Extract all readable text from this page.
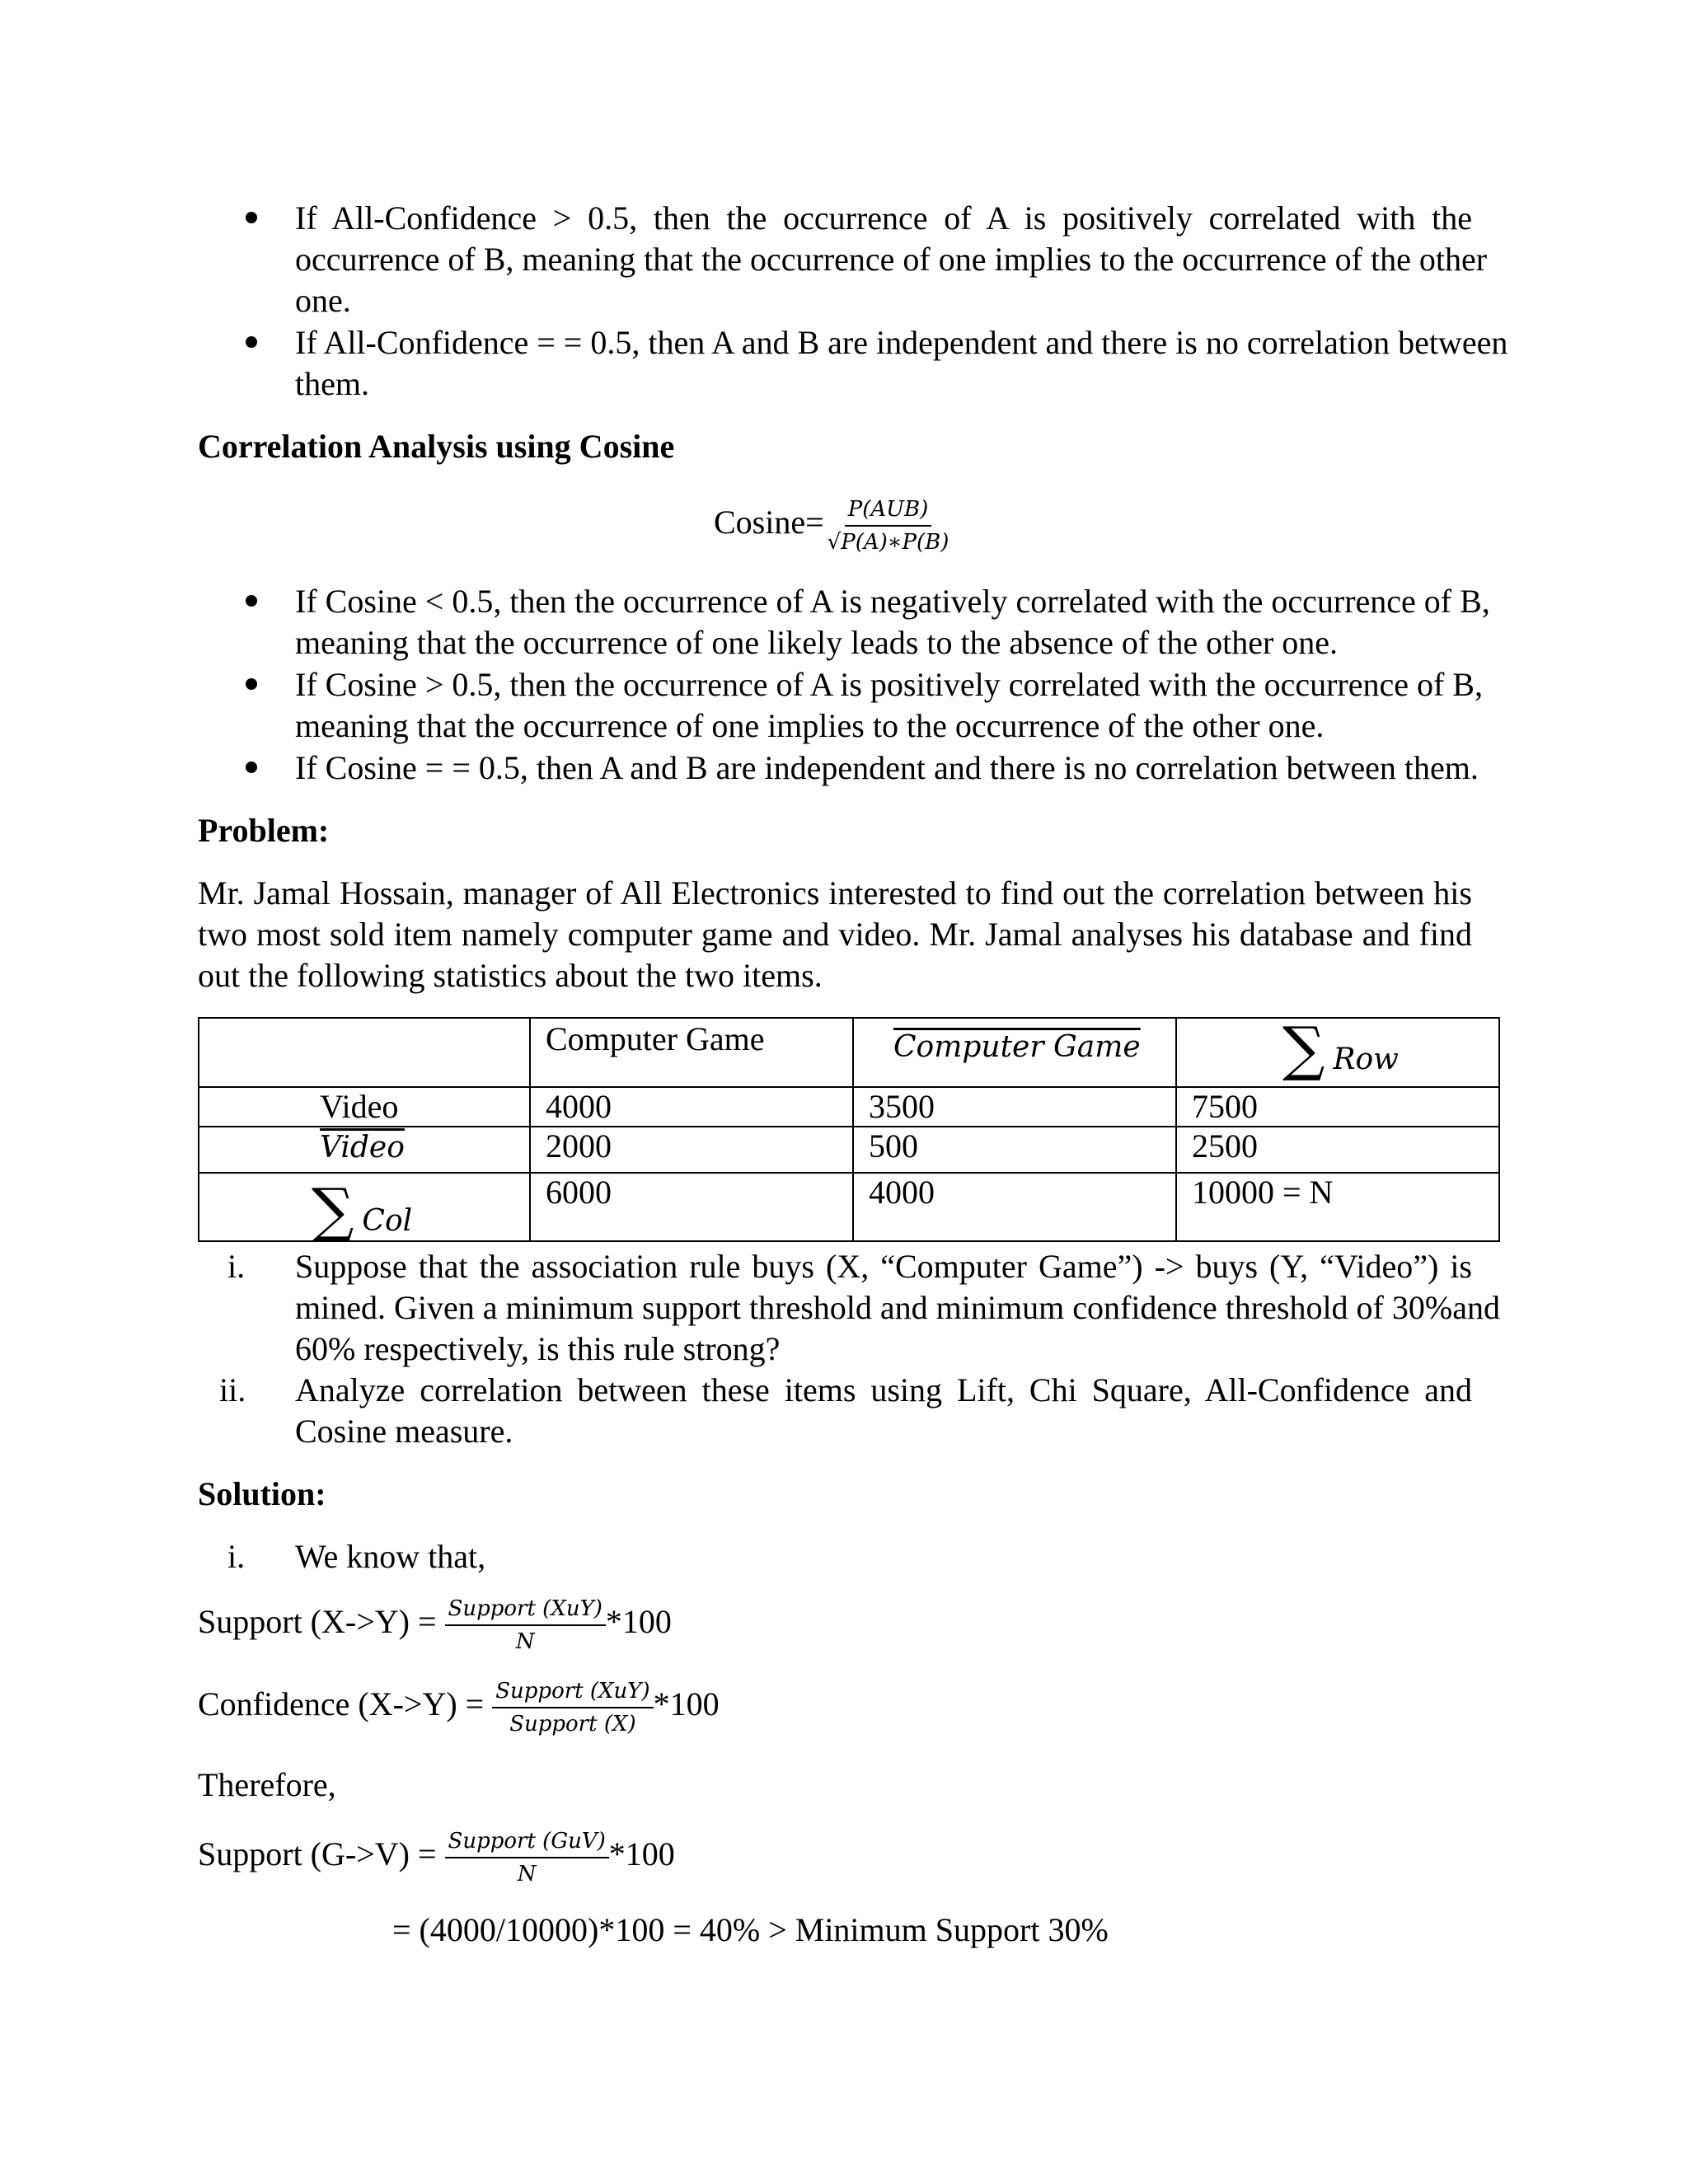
If All-Confidence > 0.5, then the occurrence of A is positively correlated with the
occurrence of B, meaning that the occurrence of one implies to the occurrence of the other
one.
If All-Confidence = = 0.5, then A and B are independent and there is no correlation between
them.
Correlation Analysis using Cosine
$Cosine= \frac{\text{P(AUB)}}{√P(A)∗P(B)}$
If Cosine < 0.5, then the occurrence of A is negatively correlated with the occurrence of B,
meaning that the occurrence of one likely leads to the absence of the other one.
If Cosine > 0.5, then the occurrence of A is positively correlated with the occurrence of B,
meaning that the occurrence of one implies to the occurrence of the other one.
If Cosine = = 0.5, then A and B are independent and there is no correlation between them.
Problem:
Mr. Jamal Hossain, manager of All Electronics interested to find out the correlation between his
two most sold item namely computer game and video. Mr. Jamal analyses his database and find
out the following statistics about the two items.
	Computer Game	Computer Game	∑ Row
Video	4000	3500	7500
Video	2000	500	2500
∑ Col	6000	4000	10000 = N
i. Suppose that the association rule buys (X, “Computer Game”) -> buys (Y, “Video”) is
mined. Given a minimum support threshold and minimum confidence threshold of 30%and
60% respectively, is this rule strong?
ii. Analyze correlation between these items using Lift, Chi Square, All-Confidence and
Cosine measure.
Solution:
i. We know that,
Support $(X->Y) = \frac{\text{Support (XuY)}}{N} *100$
Confidence $(X->Y) = \frac{\text{Support (XuY)}}{\text{Support (X)}} *100$
Therefore,
Support $(G->V) = \frac{\text{Support (GuV)}}{N} *100$
= (4000/10000)*100 = 40% > Minimum Support 30%
